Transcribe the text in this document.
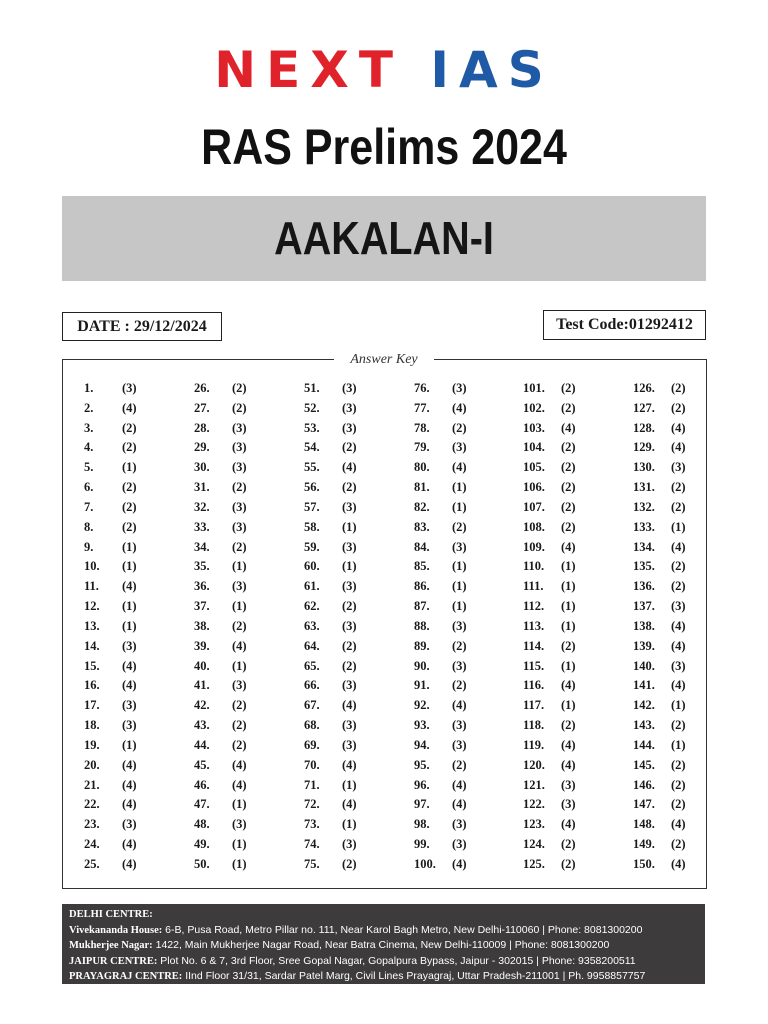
NEXT IAS
RAS Prelims 2024
AAKALAN-I
DATE : 29/12/2024	Test Code:01292412
Answer Key
1. (3)
2. (4)
3. (2)
4. (2)
5. (1)
6. (2)
7. (2)
8. (2)
9. (1)
10. (1)
11. (4)
12. (1)
13. (1)
14. (3)
15. (4)
16. (4)
17. (3)
18. (3)
19. (1)
20. (4)
21. (4)
22. (4)
23. (3)
24. (4)
25. (4)
26. (2)
27. (2)
28. (3)
29. (3)
30. (3)
31. (2)
32. (3)
33. (3)
34. (2)
35. (1)
36. (3)
37. (1)
38. (2)
39. (4)
40. (1)
41. (3)
42. (2)
43. (2)
44. (2)
45. (4)
46. (4)
47. (1)
48. (3)
49. (1)
50. (1)
51. (3)
52. (3)
53. (3)
54. (2)
55. (4)
56. (2)
57. (3)
58. (1)
59. (3)
60. (1)
61. (3)
62. (2)
63. (3)
64. (2)
65. (2)
66. (3)
67. (4)
68. (3)
69. (3)
70. (4)
71. (1)
72. (4)
73. (1)
74. (3)
75. (2)
76. (3)
77. (4)
78. (2)
79. (3)
80. (4)
81. (1)
82. (1)
83. (2)
84. (3)
85. (1)
86. (1)
87. (1)
88. (3)
89. (2)
90. (3)
91. (2)
92. (4)
93. (3)
94. (3)
95. (2)
96. (4)
97. (4)
98. (3)
99. (3)
100. (4)
101. (2)
102. (2)
103. (4)
104. (2)
105. (2)
106. (2)
107. (2)
108. (2)
109. (4)
110. (1)
111. (1)
112. (1)
113. (1)
114. (2)
115. (1)
116. (4)
117. (1)
118. (2)
119. (4)
120. (4)
121. (3)
122. (3)
123. (4)
124. (2)
125. (2)
126. (2)
127. (2)
128. (4)
129. (4)
130. (3)
131. (2)
132. (2)
133. (1)
134. (4)
135. (2)
136. (2)
137. (3)
138. (4)
139. (4)
140. (3)
141. (4)
142. (1)
143. (2)
144. (1)
145. (2)
146. (2)
147. (2)
148. (4)
149. (2)
150. (4)
DELHI CENTRE:
Vivekananda House: 6-B, Pusa Road, Metro Pillar no. 111, Near Karol Bagh Metro, New Delhi-110060 | Phone: 8081300200
Mukherjee Nagar: 1422, Main Mukherjee Nagar Road, Near Batra Cinema, New Delhi-110009 | Phone: 8081300200
JAIPUR CENTRE: Plot No. 6 & 7, 3rd Floor, Sree Gopal Nagar, Gopalpura Bypass, Jaipur - 302015 | Phone: 9358200511
PRAYAGRAJ CENTRE: IInd Floor 31/31, Sardar Patel Marg, Civil Lines Prayagraj, Uttar Pradesh-211001 | Ph. 9958857757
